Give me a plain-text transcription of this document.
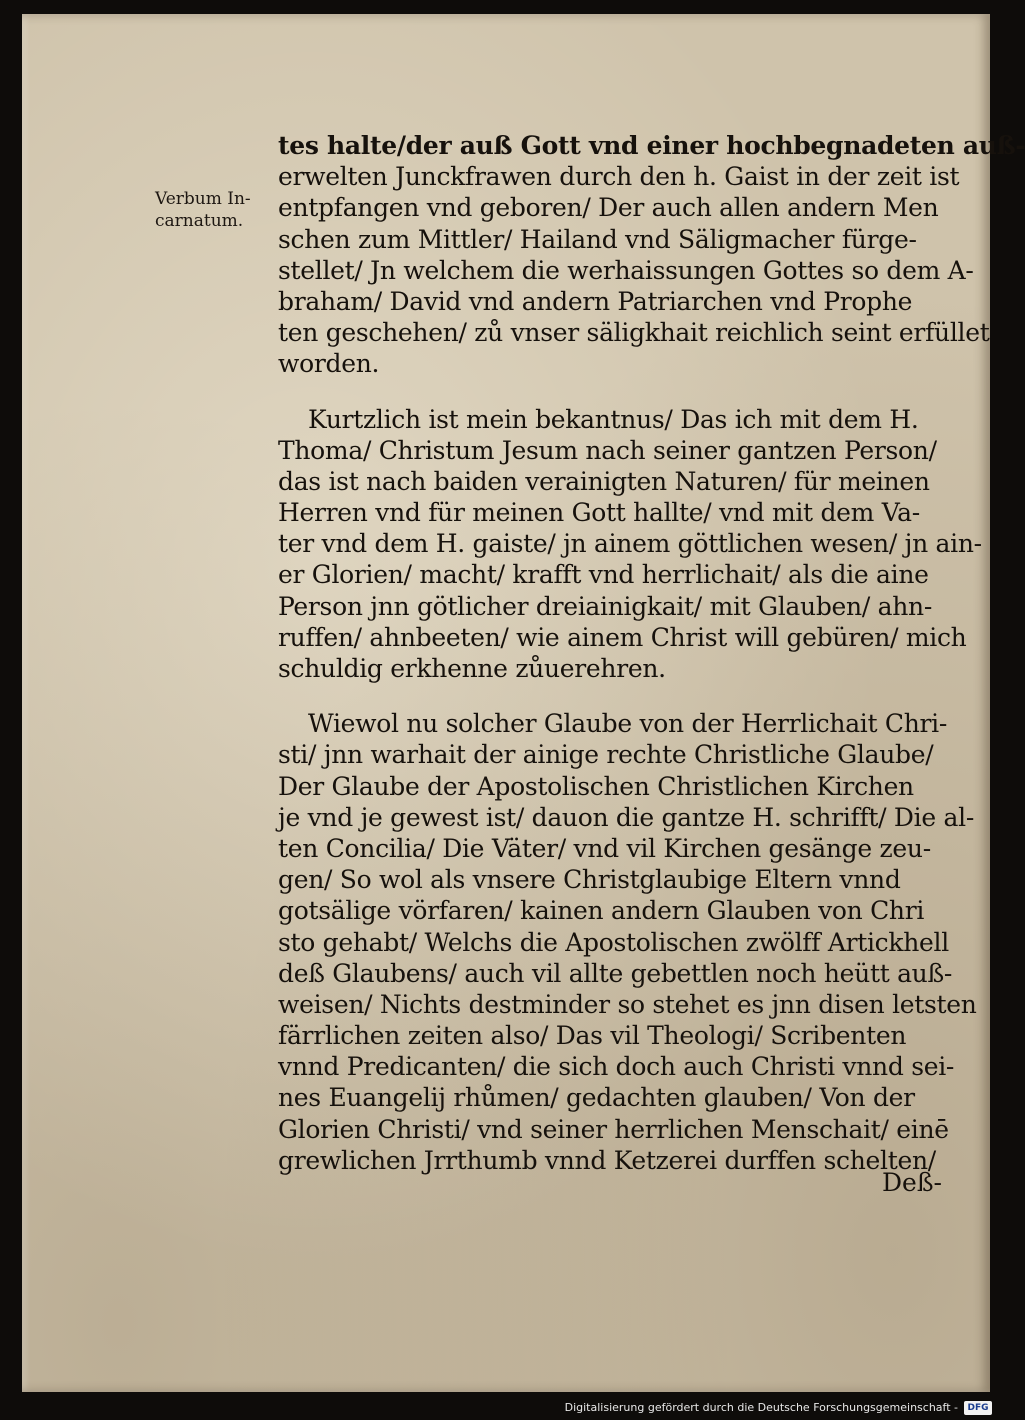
Verbum In-
carnatum.
tes halte/der auß Gott vnd einer hochbegnadeten auß-
erwelten Junckfrawen durch den h. Gaist in der zeit ist
entpfangen vnd geboren/ Der auch allen andern Men
schen zum Mittler/ Hailand vnd Säligmacher fürge-
stellet/ Jn welchem die werhaissungen Gottes so dem A-
braham/ David vnd andern Patriarchen vnd Prophe
ten geschehen/ zů vnser säligkhait reichlich seint erfüllet
worden.
Kurtzlich ist mein bekantnus/ Das ich mit dem H.
Thoma/ Christum Jesum nach seiner gantzen Person/
das ist nach baiden verainigten Naturen/ für meinen
Herren vnd für meinen Gott hallte/ vnd mit dem Va-
ter vnd dem H. gaiste/ jn ainem göttlichen wesen/ jn ain-
er Glorien/ macht/ krafft vnd herrlichait/ als die aine
Person jnn götlicher dreiainigkait/ mit Glauben/ ahn-
ruffen/ ahnbeeten/ wie ainem Christ will gebüren/ mich
schuldig erkhenne zůuerehren.
Wiewol nu solcher Glaube von der Herrlichait Chri-
sti/ jnn warhait der ainige rechte Christliche Glaube/
Der Glaube der Apostolischen Christlichen Kirchen
je vnd je gewest ist/ dauon die gantze H. schrifft/ Die al-
ten Concilia/ Die Väter/ vnd vil Kirchen gesänge zeu-
gen/ So wol als vnsere Christglaubige Eltern vnnd
gotsälige vörfaren/ kainen andern Glauben von Chri
sto gehabt/ Welchs die Apostolischen zwölff Artickhell
deß Glaubens/ auch vil allte gebettlen noch heütt auß-
weisen/ Nichts destminder so stehet es jnn disen letsten
färrlichen zeiten also/ Das vil Theologi/ Scribenten
vnnd Predicanten/ die sich doch auch Christi vnnd sei-
nes Euangelij rhůmen/ gedachten glauben/ Von der
Glorien Christi/ vnd seiner herrlichen Menschait/ einē
grewlichen Jrrthumb vnnd Ketzerei durffen schelten/
Deß-
Digitalisierung gefördert durch die Deutsche Forschungsgemeinschaft -	DFG
